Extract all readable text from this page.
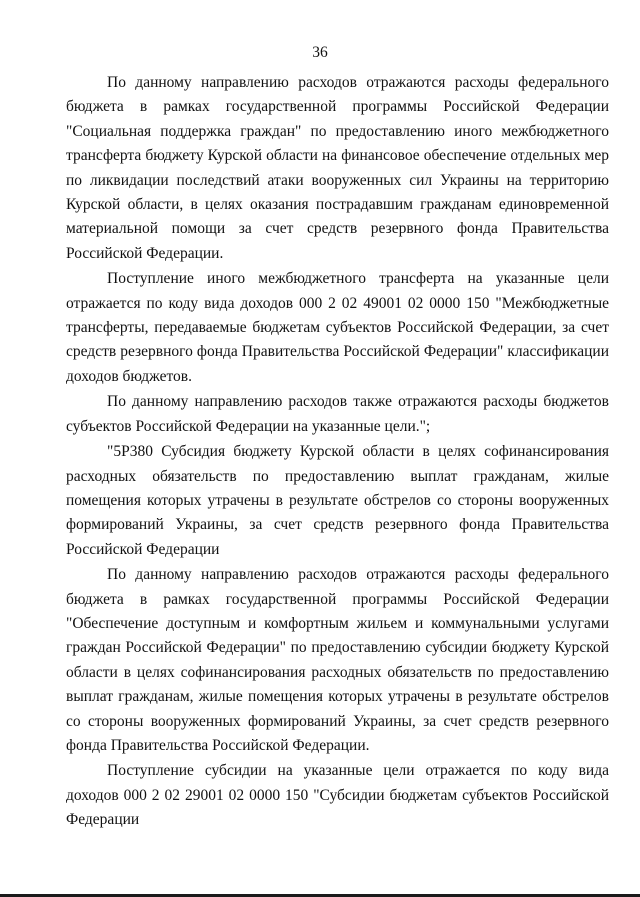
36

По данному направлению расходов отражаются расходы федерального бюджета в рамках государственной программы Российской Федерации "Социальная поддержка граждан" по предоставлению иного межбюджетного трансферта бюджету Курской области на финансовое обеспечение отдельных мер по ликвидации последствий атаки вооруженных сил Украины на территорию Курской области, в целях оказания пострадавшим гражданам единовременной материальной помощи за счет средств резервного фонда Правительства Российской Федерации.

Поступление иного межбюджетного трансферта на указанные цели отражается по коду вида доходов 000 2 02 49001 02 0000 150 "Межбюджетные трансферты, передаваемые бюджетам субъектов Российской Федерации, за счет средств резервного фонда Правительства Российской Федерации" классификации доходов бюджетов.

По данному направлению расходов также отражаются расходы бюджетов субъектов Российской Федерации на указанные цели.";

"5Р380 Субсидия бюджету Курской области в целях софинансирования расходных обязательств по предоставлению выплат гражданам, жилые помещения которых утрачены в результате обстрелов со стороны вооруженных формирований Украины, за счет средств резервного фонда Правительства Российской Федерации

По данному направлению расходов отражаются расходы федерального бюджета в рамках государственной программы Российской Федерации "Обеспечение доступным и комфортным жильем и коммунальными услугами граждан Российской Федерации" по предоставлению субсидии бюджету Курской области в целях софинансирования расходных обязательств по предоставлению выплат гражданам, жилые помещения которых утрачены в результате обстрелов со стороны вооруженных формирований Украины, за счет средств резервного фонда Правительства Российской Федерации.

Поступление субсидии на указанные цели отражается по коду вида доходов 000 2 02 29001 02 0000 150 "Субсидии бюджетам субъектов Российской Федерации
